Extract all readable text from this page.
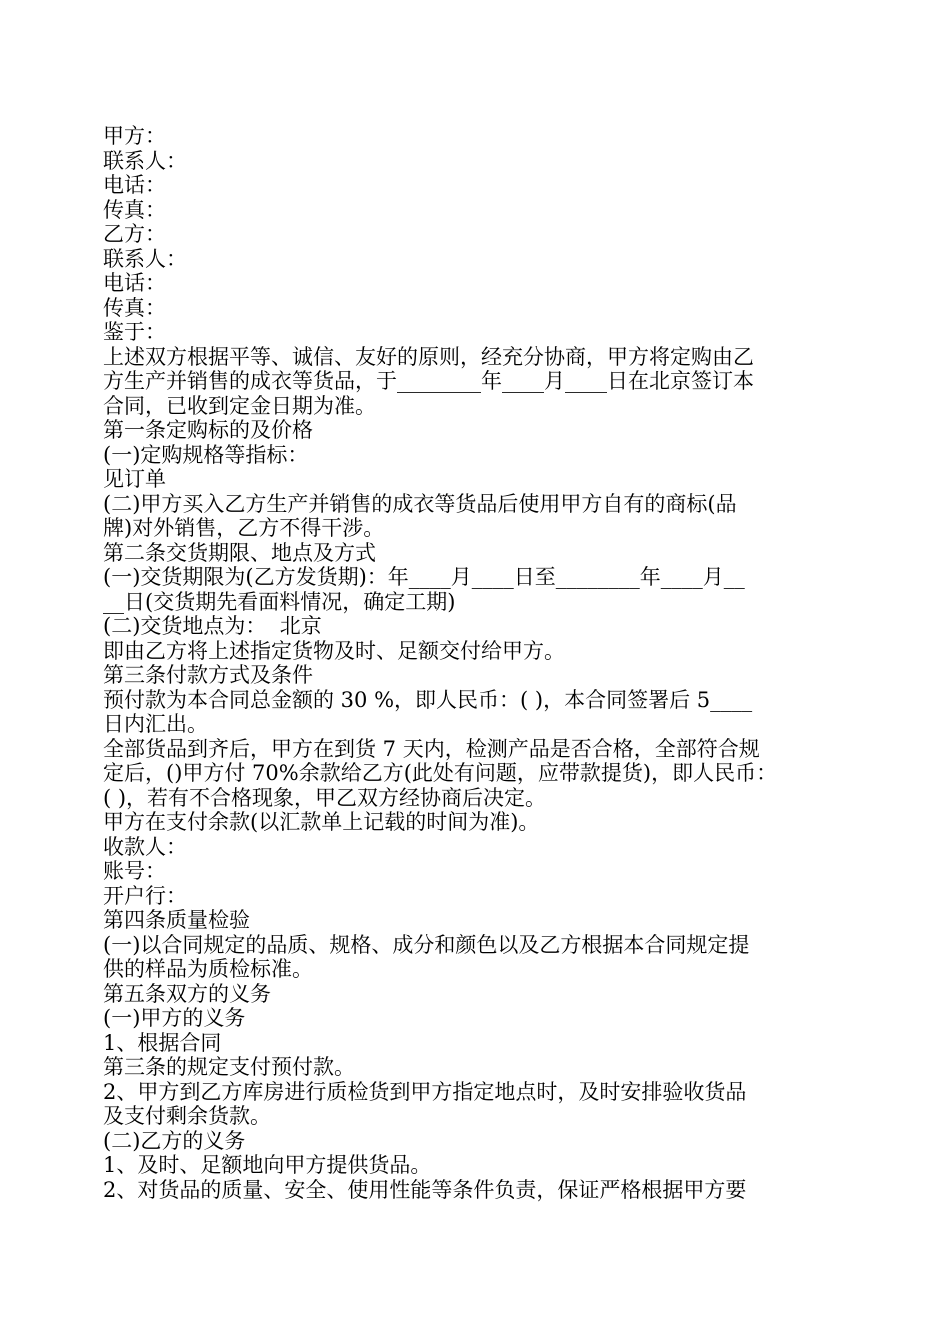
甲方：
联系人：
电话：
传真：
乙方：
联系人：
电话：
传真：
鉴于：
上述双方根据平等、诚信、友好的原则，经充分协商，甲方将定购由乙
方生产并销售的成衣等货品，于________年____月____日在北京签订本
合同，已收到定金日期为准。
第一条定购标的及价格
(一)定购规格等指标：
见订单
(二)甲方买入乙方生产并销售的成衣等货品后使用甲方自有的商标(品
牌)对外销售，乙方不得干涉。
第二条交货期限、地点及方式
(一)交货期限为(乙方发货期)：年____月____日至________年____月__
__日(交货期先看面料情况，确定工期)
(二)交货地点为：  北京
即由乙方将上述指定货物及时、足额交付给甲方。
第三条付款方式及条件
预付款为本合同总金额的 30 %，即人民币：( )，本合同签署后 5____
日内汇出。
全部货品到齐后，甲方在到货 7 天内，检测产品是否合格，全部符合规
定后，()甲方付 70%余款给乙方(此处有问题，应带款提货)，即人民币：
( )，若有不合格现象，甲乙双方经协商后决定。
甲方在支付余款(以汇款单上记载的时间为准)。
收款人：
账号：
开户行：
第四条质量检验
(一)以合同规定的品质、规格、成分和颜色以及乙方根据本合同规定提
供的样品为质检标准。
第五条双方的义务
(一)甲方的义务
1、根据合同
第三条的规定支付预付款。
2、甲方到乙方库房进行质检货到甲方指定地点时，及时安排验收货品
及支付剩余货款。
(二)乙方的义务
1、及时、足额地向甲方提供货品。
2、对货品的质量、安全、使用性能等条件负责，保证严格根据甲方要
